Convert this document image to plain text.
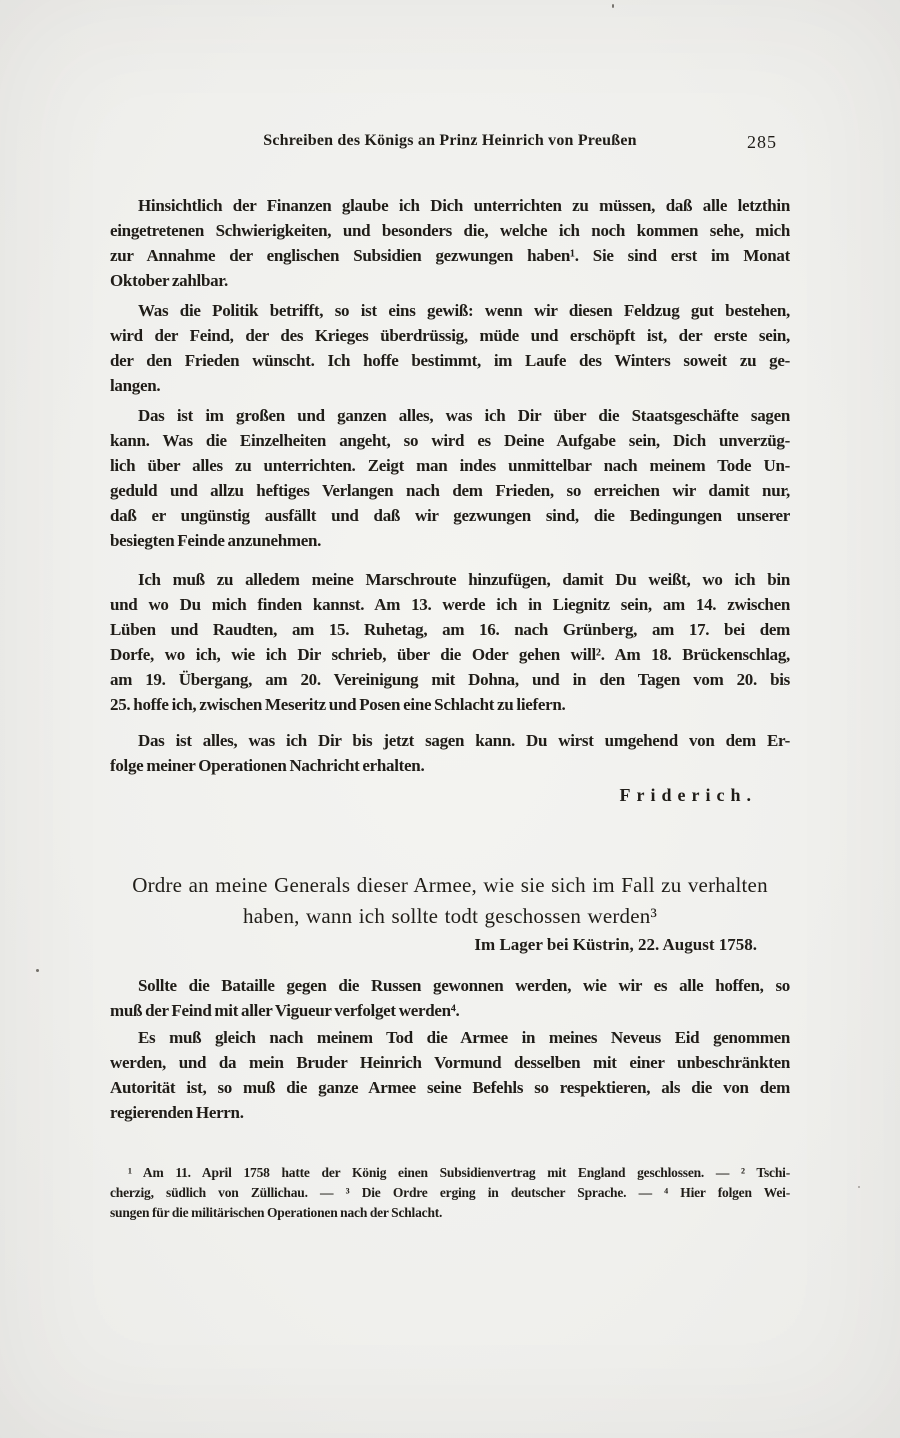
Schreiben des Königs an Prinz Heinrich von Preußen	285
Hinsichtlich der Finanzen glaube ich Dich unterrichten zu müssen, daß alle letzthin
eingetretenen Schwierigkeiten, und besonders die, welche ich noch kommen sehe, mich
zur Annahme der englischen Subsidien gezwungen haben¹. Sie sind erst im Monat
Oktober zahlbar.
Was die Politik betrifft, so ist eins gewiß: wenn wir diesen Feldzug gut bestehen,
wird der Feind, der des Krieges überdrüssig, müde und erschöpft ist, der erste sein,
der den Frieden wünscht. Ich hoffe bestimmt, im Laufe des Winters soweit zu ge-
langen.
Das ist im großen und ganzen alles, was ich Dir über die Staatsgeschäfte sagen
kann. Was die Einzelheiten angeht, so wird es Deine Aufgabe sein, Dich unverzüg-
lich über alles zu unterrichten. Zeigt man indes unmittelbar nach meinem Tode Un-
geduld und allzu heftiges Verlangen nach dem Frieden, so erreichen wir damit nur,
daß er ungünstig ausfällt und daß wir gezwungen sind, die Bedingungen unserer
besiegten Feinde anzunehmen.
Ich muß zu alledem meine Marschroute hinzufügen, damit Du weißt, wo ich bin
und wo Du mich finden kannst. Am 13. werde ich in Liegnitz sein, am 14. zwischen
Lüben und Raudten, am 15. Ruhetag, am 16. nach Grünberg, am 17. bei dem
Dorfe, wo ich, wie ich Dir schrieb, über die Oder gehen will². Am 18. Brückenschlag,
am 19. Übergang, am 20. Vereinigung mit Dohna, und in den Tagen vom 20. bis
25. hoffe ich, zwischen Meseritz und Posen eine Schlacht zu liefern.
Das ist alles, was ich Dir bis jetzt sagen kann. Du wirst umgehend von dem Er-
folge meiner Operationen Nachricht erhalten.
Friderich.
Ordre an meine Generals dieser Armee, wie sie sich im Fall zu verhalten
haben, wann ich sollte todt geschossen werden³
Im Lager bei Küstrin, 22. August 1758.
Sollte die Bataille gegen die Russen gewonnen werden, wie wir es alle hoffen, so
muß der Feind mit aller Vigueur verfolget werden⁴.
Es muß gleich nach meinem Tod die Armee in meines Neveus Eid genommen
werden, und da mein Bruder Heinrich Vormund desselben mit einer unbeschränkten
Autorität ist, so muß die ganze Armee seine Befehls so respektieren, als die von dem
regierenden Herrn.
¹ Am 11. April 1758 hatte der König einen Subsidienvertrag mit England geschlossen. — ² Tschi-
cherzig, südlich von Züllichau. — ³ Die Ordre erging in deutscher Sprache. — ⁴ Hier folgen Wei-
sungen für die militärischen Operationen nach der Schlacht.
